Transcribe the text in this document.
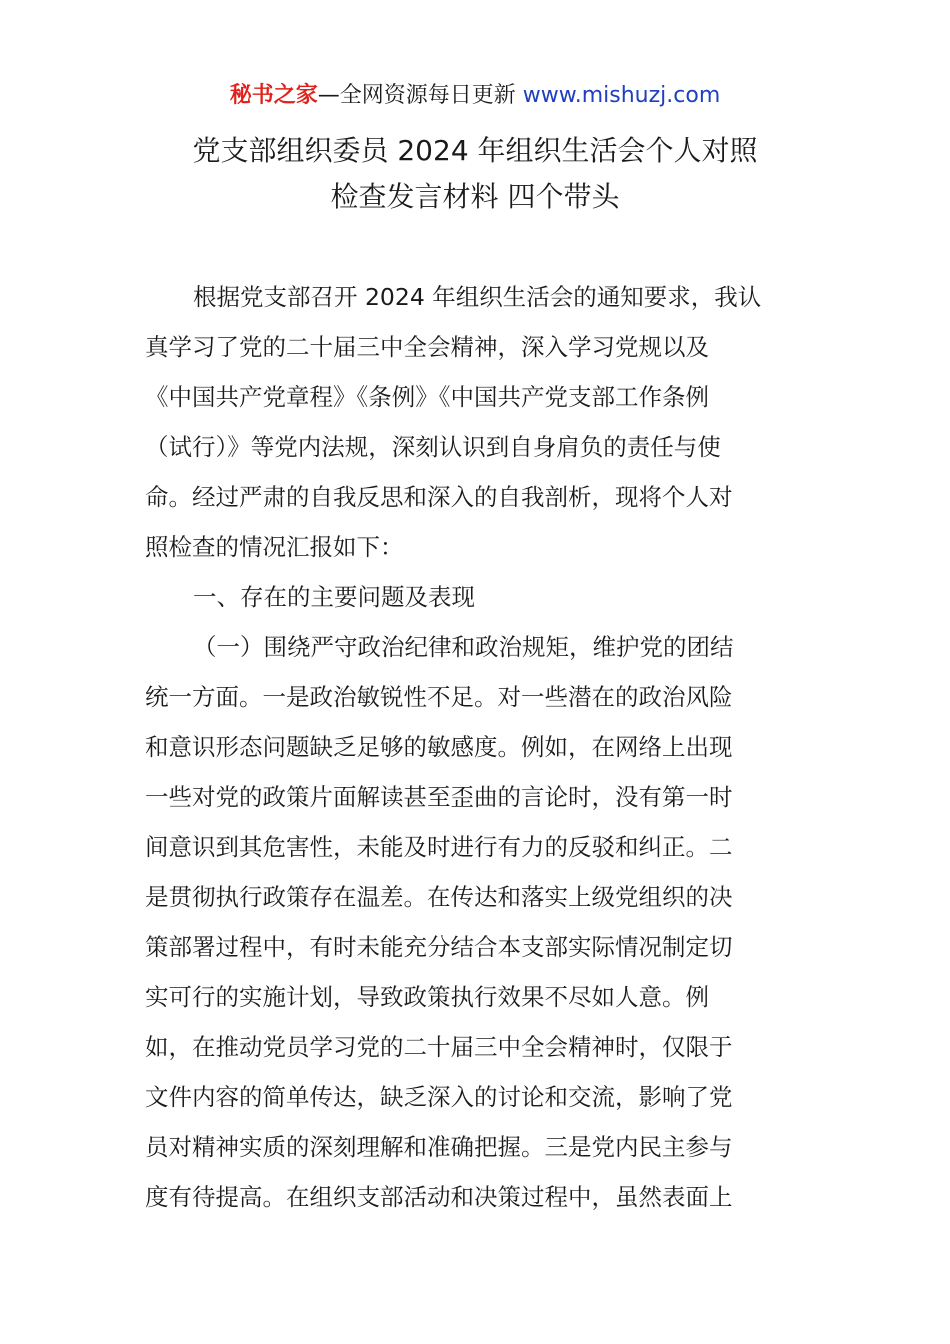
秘书之家—全网资源每日更新 www.mishuzj.com
党支部组织委员 2024 年组织生活会个人对照
检查发言材料 四个带头
根据党支部召开 2024 年组织生活会的通知要求，我认
真学习了党的二十届三中全会精神，深入学习党规以及
《中国共产党章程》《条例》《中国共产党支部工作条例
（试行）》等党内法规，深刻认识到自身肩负的责任与使
命。经过严肃的自我反思和深入的自我剖析，现将个人对
照检查的情况汇报如下：
一、存在的主要问题及表现
（一）围绕严守政治纪律和政治规矩，维护党的团结
统一方面。一是政治敏锐性不足。对一些潜在的政治风险
和意识形态问题缺乏足够的敏感度。例如，在网络上出现
一些对党的政策片面解读甚至歪曲的言论时，没有第一时
间意识到其危害性，未能及时进行有力的反驳和纠正。二
是贯彻执行政策存在温差。在传达和落实上级党组织的决
策部署过程中，有时未能充分结合本支部实际情况制定切
实可行的实施计划，导致政策执行效果不尽如人意。例
如，在推动党员学习党的二十届三中全会精神时，仅限于
文件内容的简单传达，缺乏深入的讨论和交流，影响了党
员对精神实质的深刻理解和准确把握。三是党内民主参与
度有待提高。在组织支部活动和决策过程中，虽然表面上
